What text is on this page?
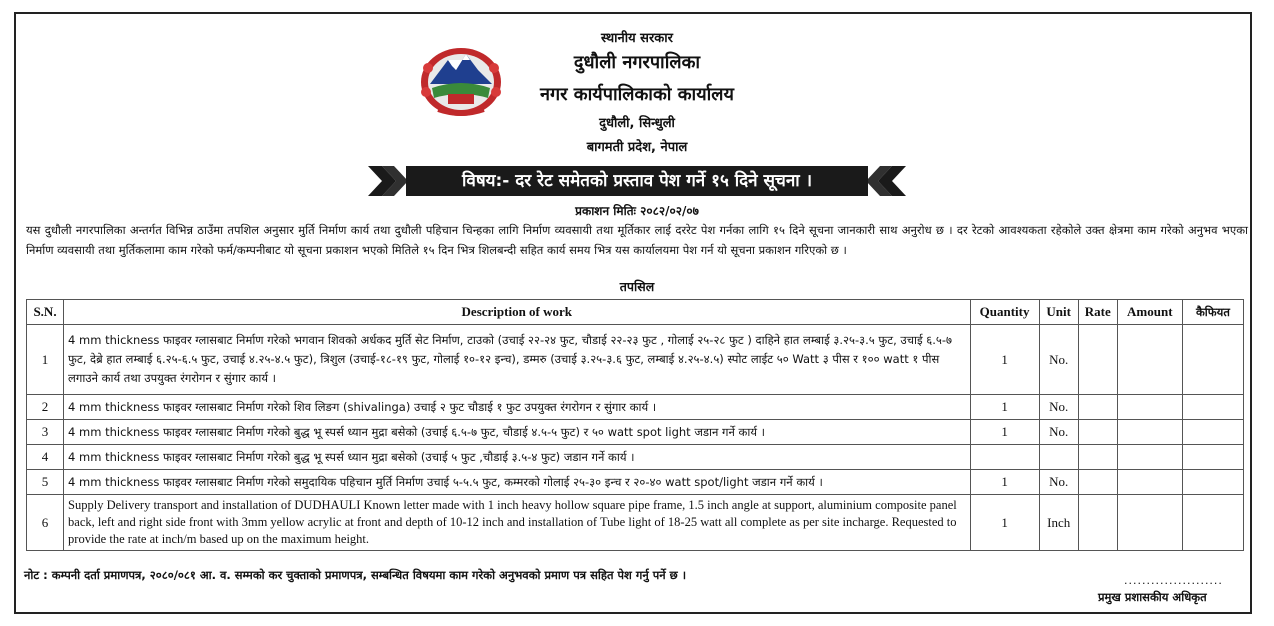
स्थानीय सरकार
दुधौली नगरपालिका
नगर कार्यपालिकाको कार्यालय
दुधौली, सिन्धुली
बागमती प्रदेश, नेपाल
विषय:- दर रेट समेतको प्रस्ताव पेश गर्ने १५ दिने सूचना ।
प्रकाशन मितिः २०८२/०२/०७
यस दुधौली नगरपालिका अन्तर्गत विभिन्न ठाउँमा तपशिल अनुसार मुर्ति निर्माण कार्य तथा दुधौली पहिचान चिन्हका लागि निर्माण व्यवसायी तथा मूर्तिकार लाई दररेट पेश गर्नका लागि १५ दिने सूचना जानकारी साथ अनुरोध छ । दर रेटको आवश्यकता रहेकोले उक्त क्षेत्रमा काम गरेको अनुभव भएका निर्माण व्यवसायी तथा मुर्तिकलामा काम गरेको फर्म/कम्पनीबाट यो सूचना प्रकाशन भएको मितिले १५ दिन भित्र शिलबन्दी सहित कार्य समय भित्र यस कार्यालयमा पेश गर्न यो सूचना प्रकाशन गरिएको छ ।
तपसिल
S.N.	Description of work	Quantity	Unit	Rate	Amount	कैफियत
1	4 mm thickness फाइवर ग्लासबाट निर्माण गरेको भगवान शिवको अर्धकद मुर्ति सेट निर्माण, टाउको (उचाई २२-२४ फुट, चौडाई २२-२३ फुट , गोलाई २५-२८ फुट ) दाहिने हात लम्बाई ३.२५-३.५ फुट, उचाई ६.५-७ फुट, देब्रे हात लम्बाई ६.२५-६.५ फुट, उचाई ४.२५-४.५ फुट), त्रिशुल (उचाई-१८-१९ फुट, गोलाई १०-१२ इन्च), डम्मरु (उचाई ३.२५-३.६ फुट, लम्बाई ४.२५-४.५) स्पोट लाईट ५० Watt ३ पीस र १०० watt १ पीस लगाउने कार्य तथा उपयुक्त रंगरोगन र सुंगार कार्य ।	1	No.			
2	4 mm thickness फाइवर ग्लासबाट निर्माण गरेको शिव लिङग (shivalinga) उचाई २ फुट चौडाई १ फुट उपयुक्त रंगरोगन र सुंगार कार्य ।	1	No.			
3	4 mm thickness फाइवर ग्लासबाट निर्माण गरेको बुद्ध भू स्पर्स ध्यान मुद्रा बसेको (उचाई ६.५-७ फुट, चौडाई ४.५-५ फुट) र ५० watt spot light जडान गर्ने कार्य ।	1	No.			
4	4 mm thickness फाइवर ग्लासबाट निर्माण गरेको बुद्ध भू स्पर्स ध्यान मुद्रा बसेको (उचाई ५ फुट ,चौडाई ३.५-४ फुट) जडान गर्ने कार्य ।					
5	4 mm thickness फाइवर ग्लासबाट निर्माण गरेको समुदायिक पहिचान मुर्ति निर्माण उचाई ५-५.५ फुट, कम्मरको गोलाई २५-३० इन्च र २०-४० watt spot/light जडान गर्ने कार्य ।	1	No.			
6	Supply Delivery transport and installation of DUDHAULI Known letter made with 1 inch heavy hollow square pipe frame, 1.5 inch angle at support, aluminium composite panel back, left and right side front with 3mm yellow acrylic at front and depth of 10-12 inch and installation of Tube light of 18-25 watt all complete as per site incharge. Requested to provide the rate at inch/m based up on the maximum height.	1	Inch			
नोट : कम्पनी दर्ता प्रमाणपत्र, २०८०/०८१ आ. व. सम्मको कर चुक्ताको प्रमाणपत्र, सम्बन्धित विषयमा काम गरेको अनुभवको प्रमाण पत्र सहित पेश गर्नु पर्ने छ ।	......................
प्रमुख प्रशासकीय अधिकृत
